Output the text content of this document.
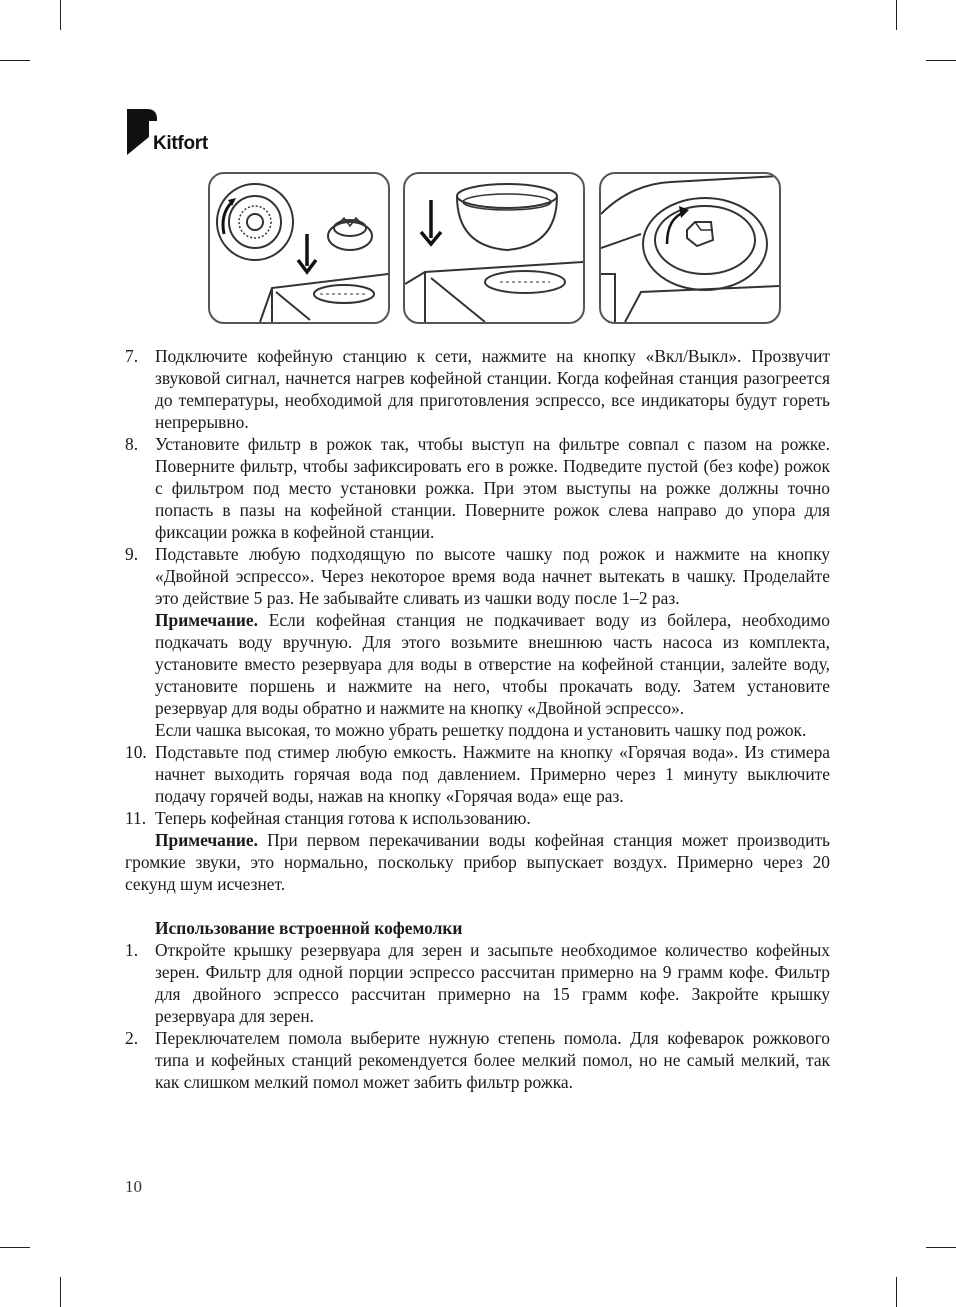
Kitfort
7. Подключите кофейную станцию к сети, нажмите на кнопку «Вкл/Выкл». Прозвучит звуковой сигнал, начнется нагрев кофейной станции. Когда кофейная станция разогреется до температуры, необходимой для приготовления эспрессо, все индикаторы будут гореть непрерывно.
8. Установите фильтр в рожок так, чтобы выступ на фильтре совпал с пазом на рожке. Поверните фильтр, чтобы зафиксировать его в рожке. Подведите пустой (без кофе) рожок с фильтром под место установки рожка. При этом выступы на рожке должны точно попасть в пазы на кофейной станции. Поверните рожок слева направо до упора для фиксации рожка в кофейной станции.
9. Подставьте любую подходящую по высоте чашку под рожок и нажмите на кнопку «Двойной эспрессо». Через некоторое время вода начнет вытекать в чашку. Проделайте это действие 5 раз. Не забывайте сливать из чашки воду после 1–2 раз.
Примечание. Если кофейная станция не подкачивает воду из бойлера, необходимо подкачать воду вручную. Для этого возьмите внешнюю часть насоса из комплекта, установите вместо резервуара для воды в отверстие на кофейной станции, залейте воду, установите поршень и нажмите на него, чтобы прокачать воду. Затем установите резервуар для воды обратно и нажмите на кнопку «Двойной эспрессо».
Если чашка высокая, то можно убрать решетку поддона и установить чашку под рожок.
10. Подставьте под стимер любую емкость. Нажмите на кнопку «Горячая вода». Из стимера начнет выходить горячая вода под давлением. Примерно через 1 минуту выключите подачу горячей воды, нажав на кнопку «Горячая вода» еще раз.
11. Теперь кофейная станция готова к использованию.
Примечание. При первом перекачивании воды кофейная станция может производить громкие звуки, это нормально, поскольку прибор выпускает воздух. Примерно через 20 секунд шум исчезнет.
Использование встроенной кофемолки
1. Откройте крышку резервуара для зерен и засыпьте необходимое количество кофейных зерен. Фильтр для одной порции эспрессо рассчитан примерно на 9 грамм кофе. Фильтр для двойного эспрессо рассчитан примерно на 15 грамм кофе. Закройте крышку резервуара для зерен.
2. Переключателем помола выберите нужную степень помола. Для кофеварок рожкового типа и кофейных станций рекомендуется более мелкий помол, но не самый мелкий, так как слишком мелкий помол может забить фильтр рожка.
10
